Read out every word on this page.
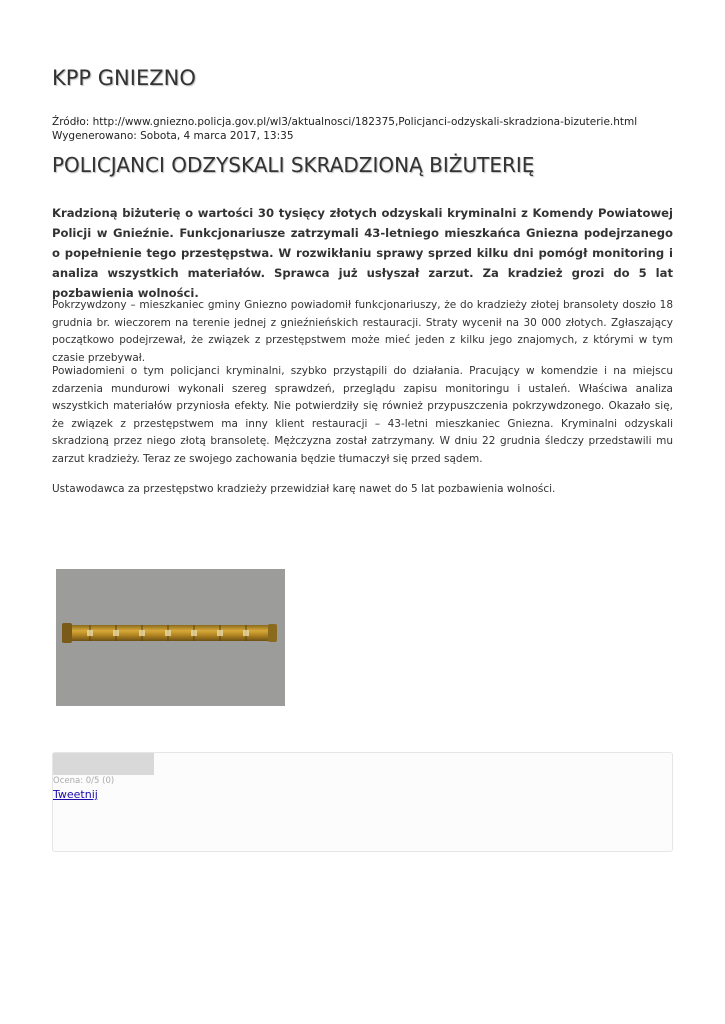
KPP GNIEZNO
Źródło: http://www.gniezno.policja.gov.pl/wl3/aktualnosci/182375,Policjanci-odzyskali-skradziona-bizuterie.html
Wygenerowano: Sobota, 4 marca 2017, 13:35
POLICJANCI ODZYSKALI SKRADZIONĄ BIŻUTERIĘ

Kradzioną biżuterię o wartości 30 tysięcy złotych odzyskali kryminalni z Komendy Powiatowej Policji w Gnieźnie. Funkcjonariusze zatrzymali 43-letniego mieszkańca Gniezna podejrzanego o popełnienie tego przestępstwa. W rozwikłaniu sprawy sprzed kilku dni pomógł monitoring i analiza wszystkich materiałów. Sprawca już usłyszał zarzut. Za kradzież grozi do 5 lat pozbawienia wolności.

Pokrzywdzony – mieszkaniec gminy Gniezno powiadomił funkcjonariuszy, że do kradzieży złotej bransolety doszło 18 grudnia br. wieczorem na terenie jednej z gnieźnieńskich restauracji. Straty wycenił na 30 000 złotych. Zgłaszający początkowo podejrzewał, że związek z przestępstwem może mieć jeden z kilku jego znajomych, z którymi w tym czasie przebywał.

Powiadomieni o tym policjanci kryminalni, szybko przystąpili do działania. Pracujący w komendzie i na miejscu zdarzenia mundurowi wykonali szereg sprawdzeń, przeglądu zapisu monitoringu i ustaleń. Właściwa analiza wszystkich materiałów przyniosła efekty. Nie potwierdziły się również przypuszczenia pokrzywdzonego. Okazało się, że związek z przestępstwem ma inny klient restauracji – 43-letni mieszkaniec Gniezna. Kryminalni odzyskali skradzioną przez niego złotą bransoletę. Mężczyzna został zatrzymany. W dniu 22 grudnia śledczy przedstawili mu zarzut kradzieży. Teraz ze swojego zachowania będzie tłumaczył się przed sądem.

Ustawodawca za przestępstwo kradzieży przewidział karę nawet do 5 lat pozbawienia wolności.

Ocena: 0/5 (0)
Tweetnij
